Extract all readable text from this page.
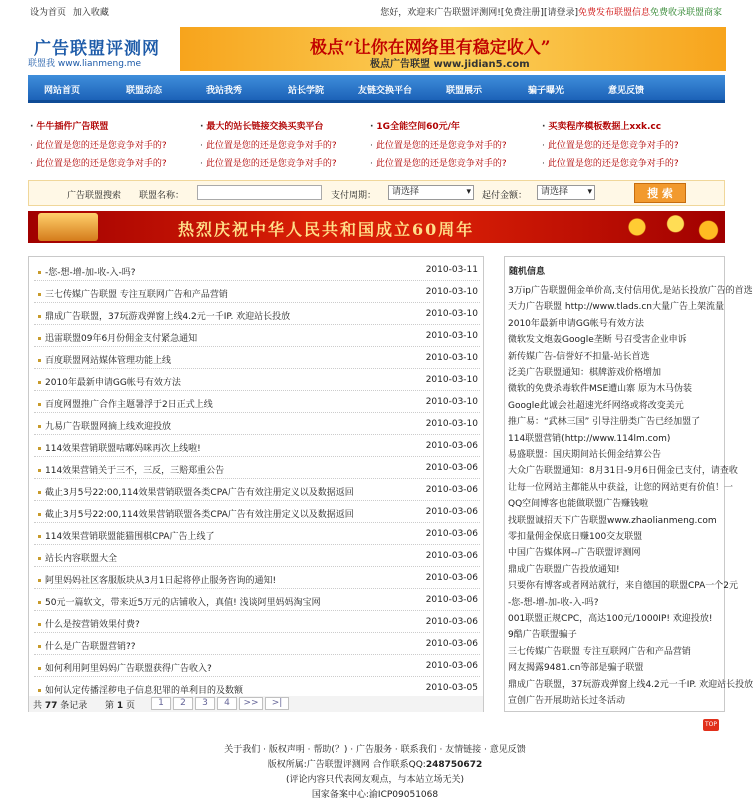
设为首页 加入收藏	您好，欢迎来广告联盟评测网![免费注册][请登录]免费发布联盟信息免费收录联盟商家
广告联盟评测网
联盟我 www.lianmeng.me
极点“让你在网络里有稳定收入”
极点广告联盟 www.jidian5.com
网站首页	联盟动态	我站我秀	站长学院	友链交换平台	联盟展示	骗子曝光	意见反馈
· 牛牛插件广告联盟	· 最大的站长链接交换买卖平台	· 1G全能空间60元/年	· 买卖程序模板数据上xxk.cc
· 此位置是您的还是您竞争对手的?	· 此位置是您的还是您竞争对手的?	· 此位置是您的还是您竞争对手的?	· 此位置是您的还是您竞争对手的?
· 此位置是您的还是您竞争对手的?	· 此位置是您的还是您竞争对手的?	· 此位置是您的还是您竞争对手的?	· 此位置是您的还是您竞争对手的?
广告联盟搜索 联盟名称：	支付周期：	请选择 ▾	起付金额：	请选择 ▾	搜 索
热烈庆祝中华人民共和国成立60周年
-您-想-增-加-收-入-吗?	2010-03-11
三七传媒广告联盟 专注互联网广告和产品营销	2010-03-10
鼎成广告联盟，37玩游戏弹窗上线4.2元一千IP. 欢迎站长投放	2010-03-10
迅雷联盟09年6月份佣金支付紧急通知	2010-03-10
百度联盟网站媒体管理功能上线	2010-03-10
2010年最新申请GG帐号有效方法	2010-03-10
百度网盟推广合作主题暑浮于2日正式上线	2010-03-10
九易广告联盟网摘上线欢迎投放	2010-03-10
114效果营销联盟咕嘟妈咪再次上线啦!	2010-03-06
114效果营销关于三不，三反，三赔郑重公告	2010-03-06
截止3月5号22:00,114效果营销联盟各类CPA广告有效注册定义以及数据返回	2010-03-06
截止3月5号22:00,114效果营销联盟各类CPA广告有效注册定义以及数据返回	2010-03-06
114效果营销联盟能猫围棋CPA广告上线了	2010-03-06
站长内容联盟大全	2010-03-06
阿里妈妈社区客服版块从3月1日起将停止服务咨询的通知!	2010-03-06
50元一篇软文，带来近5万元的店铺收入，真值! 浅谈阿里妈妈淘宝网	2010-03-06
什么是按营销效果付费?	2010-03-06
什么是广告联盟营销??	2010-03-06
如何利用阿里妈妈广告联盟获得广告收入?	2010-03-06
如何认定传播淫秽电子信息犯罪的单利目的及数额	2010-03-05
共 77 条记录 第 1 页	1	2	3	4	>>	>|
随机信息
3万ip广告联盟佣金单价高,支付信用优,是站长投放广告的首选
天力广告联盟 http://www.tlads.cn大量广告上架流量
2010年最新申请GG帐号有效方法
微软发文炮轰Google垄断 号召受害企业申诉
新传媒广告-信誉好不扣量-站长首选
泛美广告联盟通知：棋牌游戏价格增加
微软的免费杀毒软件MSE遭山寨 原为木马伪装
Google此诚会社超速光纤网络或将改变美元
推广易：“武林三国” 引导注册类广告已经加盟了
114联盟营销(http://www.114lm.com)
易盛联盟：国庆期间站长佣金结算公告
大众广告联盟通知：8月31日-9月6日佣金已支付，请查收
让每一位网站主都能从中获益，让您的网站更有价值！一
QQ空间博客也能做联盟广告赚钱啦
找联盟诚招天下广告联盟www.zhaolianmeng.com
零扣量佣金保底日赚100交友联盟
中国广告媒体网--广告联盟评测网
鼎成广告联盟广告投放通知!
只要你有博客或者网站就行，来自德国的联盟CPA一个2元
-您-想-增-加-收-入-吗?
001联盟正规CPC，高达100元/1000IP! 欢迎投放!
9酷广告联盟骗子
三七传媒广告联盟 专注互联网广告和产品营销
网友揭露9481.cn等部是骗子联盟
鼎成广告联盟，37玩游戏弹窗上线4.2元一千IP. 欢迎站长投放
宣创广告开展助站长过冬活动
TOP
关于我们 · 版权声明 · 帮助(？) · 广告服务 · 联系我们 · 友情链接 · 意见反馈
版权所属:广告联盟评测网 合作联系QQ:248750672
(评论内容只代表网友观点，与本站立场无关)
国家备案中心:渝ICP09051068
